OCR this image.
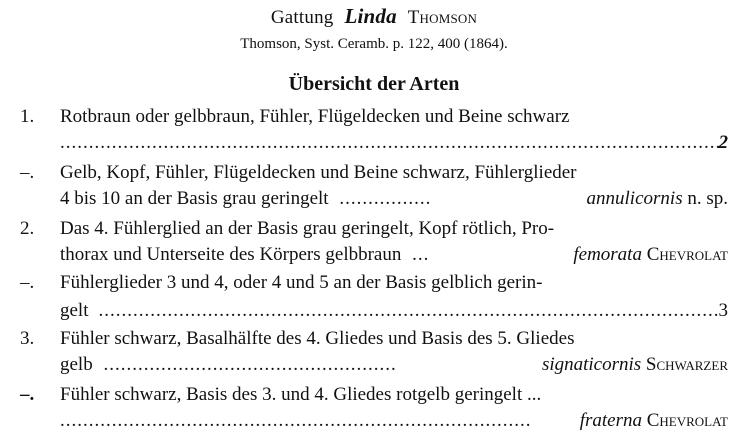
Gattung Linda Thomson
Thomson, Syst. Ceramb. p. 122, 400 (1864).
Übersicht der Arten
1. Rotbraun oder gelbbraun, Fühler, Flügeldecken und Beine schwarz
.....
2
–. Gelb, Kopf, Fühler, Flügeldecken und Beine schwarz, Fühlerglieder
4 bis 10 an der Basis grau geringelt ................	annulicornis n. sp.
2. Das 4. Fühlerglied an der Basis grau geringelt, Kopf rötlich, Pro-
thorax und Unterseite des Körpers gelbbraun ...	femorata Chevrolat
–. Fühlerglieder 3 und 4, oder 4 und 5 an der Basis gelblich gerin-
gelt
.....	3
3. Fühler schwarz, Basalhälfte des 4. Gliedes und Basis des 5. Gliedes
gelb ...................................................	signaticornis Schwarzer
–. Fühler schwarz, Basis des 3. und 4. Gliedes rotgelb geringelt ...
.....
fraterna Chevrolat
